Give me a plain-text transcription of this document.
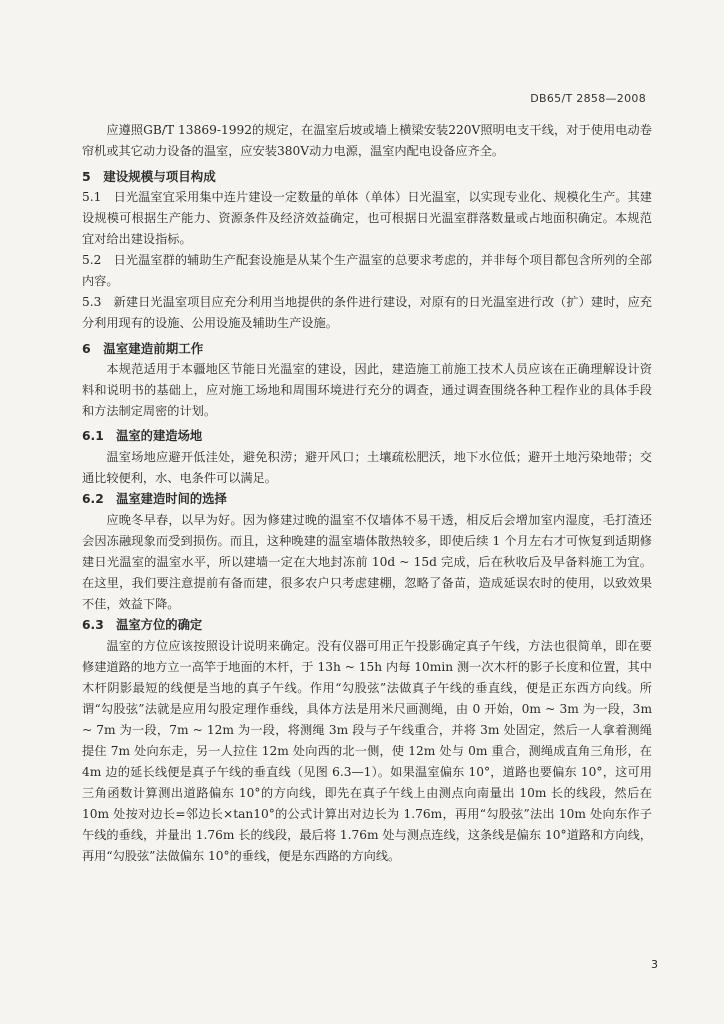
DB65/T 2858—2008

应遵照GB/T 13869-1992的规定，在温室后坡或墙上横梁安装220V照明电支干线，对于使用电动卷帘机或其它动力设备的温室，应安装380V动力电源，温室内配电设备应齐全。

5　建设规模与项目构成

5.1　日光温室宜采用集中连片建设一定数量的单体（单体）日光温室，以实现专业化、规模化生产。其建设规模可根据生产能力、资源条件及经济效益确定，也可根据日光温室群落数量或占地面积确定。本规范宜对给出建设指标。

5.2　日光温室群的辅助生产配套设施是从某个生产温室的总要求考虑的，并非每个项目都包含所列的全部内容。

5.3　新建日光温室项目应充分利用当地提供的条件进行建设，对原有的日光温室进行改（扩）建时，应充分利用现有的设施、公用设施及辅助生产设施。

6　温室建造前期工作

本规范适用于本疆地区节能日光温室的建设，因此，建造施工前施工技术人员应该在正确理解设计资料和说明书的基础上，应对施工场地和周围环境进行充分的调查，通过调查围绕各种工程作业的具体手段和方法制定周密的计划。

6.1　温室的建造场地

温室场地应避开低洼处，避免积涝；避开风口；土壤疏松肥沃，地下水位低；避开土地污染地带；交通比较便利，水、电条件可以满足。

6.2　温室建造时间的选择

应晚冬早春，以早为好。因为修建过晚的温室不仅墙体不易干透，相反后会增加室内湿度，毛打渣还会因冻融现象而受到损伤。而且，这种晚建的温室墙体散热较多，即使后续 1 个月左右才可恢复到适期修建日光温室的温室水平，所以建墙一定在大地封冻前 10d ~ 15d 完成，后在秋收后及早备料施工为宜。在这里，我们要注意提前有备而建，很多农户只考虑建棚，忽略了备苗，造成延误农时的使用，以致效果不佳，效益下降。

6.3　温室方位的确定

温室的方位应该按照设计说明来确定。没有仪器可用正午投影确定真子午线，方法也很简单，即在要修建道路的地方立一高竿于地面的木杆，于 13h ~ 15h 内每 10min 测一次木杆的影子长度和位置，其中木杆阴影最短的线便是当地的真子午线。作用“勾股弦”法做真子午线的垂直线，便是正东西方向线。所谓“勾股弦”法就是应用勾股定理作垂线，具体方法是用米尺画测绳，由 0 开始，0m ~ 3m 为一段，3m ~ 7m 为一段，7m ~ 12m 为一段，将测绳 3m 段与子午线重合，并将 3m 处固定，然后一人拿着测绳提住 7m 处向东走，另一人拉住 12m 处向西的北一侧，使 12m 处与 0m 重合，测绳成直角三角形，在 4m 边的延长线便是真子午线的垂直线（见图 6.3—1）。如果温室偏东 10°，道路也要偏东 10°，这可用三角函数计算测出道路偏东 10°的方向线，即先在真子午线上由测点向南量出 10m 长的线段，然后在 10m 处按对边长=邻边长×tan10°的公式计算出对边长为 1.76m，再用“勾股弦”法出 10m 处向东作子午线的垂线，并量出 1.76m 长的线段，最后将 1.76m 处与测点连线，这条线是偏东 10°道路和方向线，再用“勾股弦”法做偏东 10°的垂线，便是东西路的方向线。

3
